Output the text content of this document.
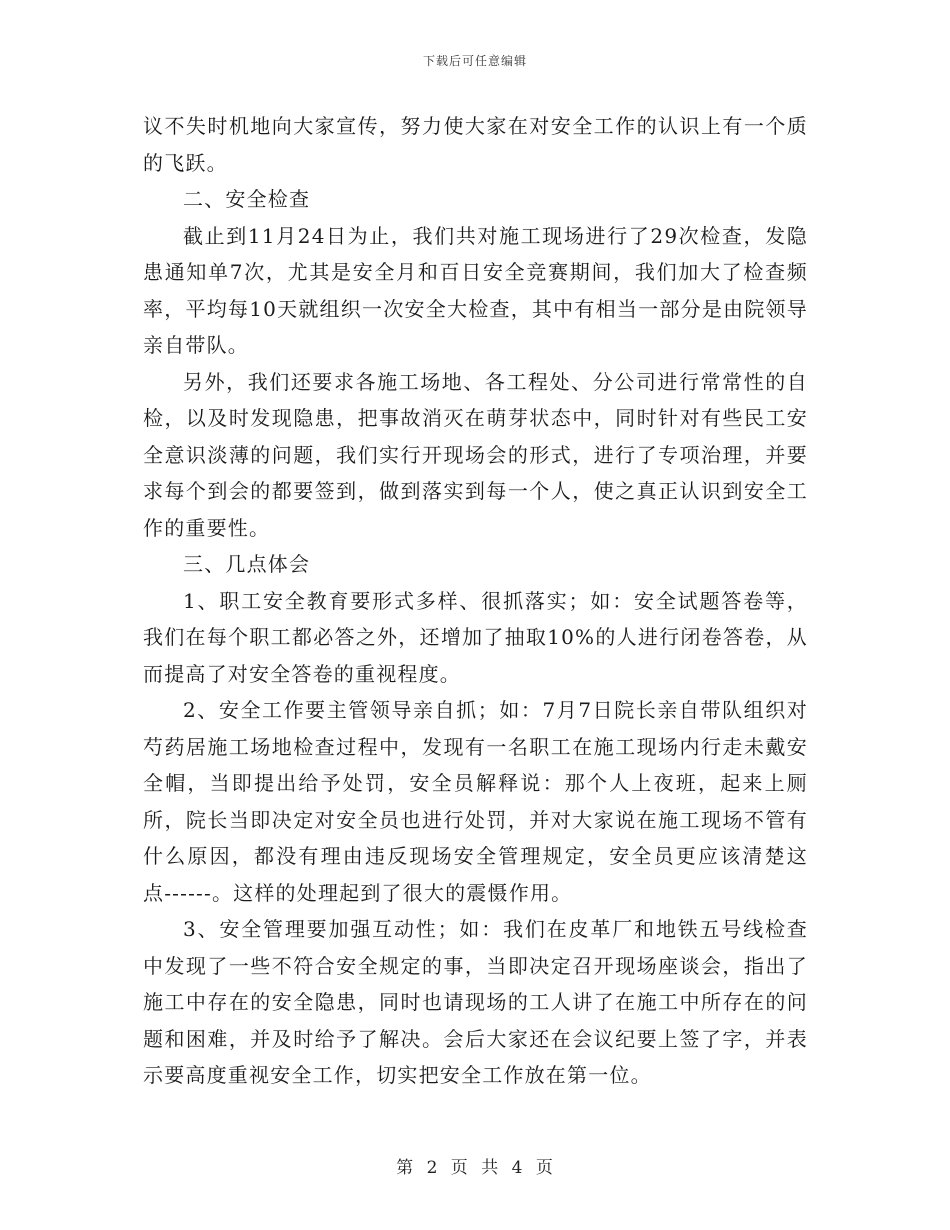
下载后可任意编辑

议不失时机地向大家宣传，努力使大家在对安全工作的认识上有一个质的飞跃。

二、安全检查

截止到11月24日为止，我们共对施工现场进行了29次检查，发隐患通知单7次，尤其是安全月和百日安全竞赛期间，我们加大了检查频率，平均每10天就组织一次安全大检查，其中有相当一部分是由院领导亲自带队。

另外，我们还要求各施工场地、各工程处、分公司进行常常性的自检，以及时发现隐患，把事故消灭在萌芽状态中，同时针对有些民工安全意识淡薄的问题，我们实行开现场会的形式，进行了专项治理，并要求每个到会的都要签到，做到落实到每一个人，使之真正认识到安全工作的重要性。

三、几点体会

1、职工安全教育要形式多样、很抓落实；如：安全试题答卷等，我们在每个职工都必答之外，还增加了抽取10%的人进行闭卷答卷，从而提高了对安全答卷的重视程度。

2、安全工作要主管领导亲自抓；如：7月7日院长亲自带队组织对芍药居施工场地检查过程中，发现有一名职工在施工现场内行走未戴安全帽，当即提出给予处罚，安全员解释说：那个人上夜班，起来上厕所，院长当即决定对安全员也进行处罚，并对大家说在施工现场不管有什么原因，都没有理由违反现场安全管理规定，安全员更应该清楚这点------。这样的处理起到了很大的震慑作用。

3、安全管理要加强互动性；如：我们在皮革厂和地铁五号线检查中发现了一些不符合安全规定的事，当即决定召开现场座谈会，指出了施工中存在的安全隐患，同时也请现场的工人讲了在施工中所存在的问题和困难，并及时给予了解决。会后大家还在会议纪要上签了字，并表示要高度重视安全工作，切实把安全工作放在第一位。

第 2 页 共 4 页
